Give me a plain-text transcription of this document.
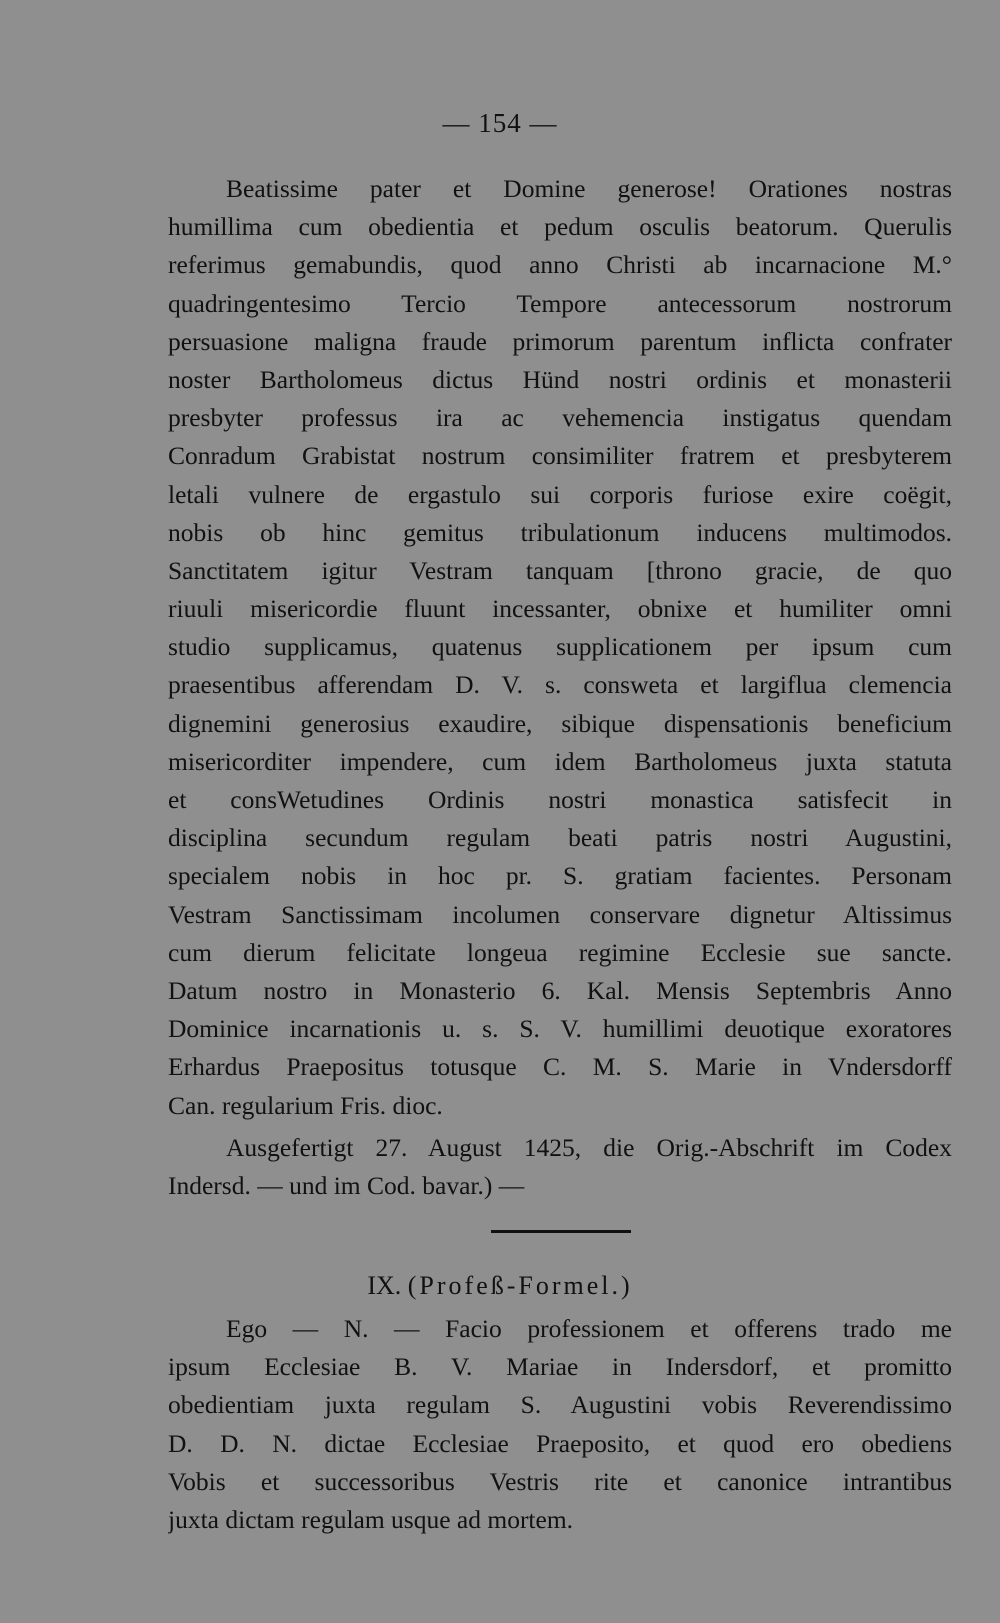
— 154 —
Beatissime pater et Domine generose! Orationes nostras
humillima cum obedientia et pedum osculis beatorum. Querulis
referimus gemabundis, quod anno Christi ab incarnacione M.°
quadringentesimo Tercio Tempore antecessorum nostrorum
persuasione maligna fraude primorum parentum inflicta confrater
noster Bartholomeus dictus Hünd nostri ordinis et monasterii
presbyter professus ira ac vehemencia instigatus quendam
Conradum Grabistat nostrum consimiliter fratrem et presbyterem
letali vulnere de ergastulo sui corporis furiose exire coëgit,
nobis ob hinc gemitus tribulationum inducens multimodos.
Sanctitatem igitur Vestram tanquam [throno gracie, de quo
riuuli misericordie fluunt incessanter, obnixe et humiliter omni
studio supplicamus, quatenus supplicationem per ipsum cum
praesentibus afferendam D. V. s. consweta et largiflua clemencia
dignemini generosius exaudire, sibique dispensationis beneficium
misericorditer impendere, cum idem Bartholomeus juxta statuta
et consWetudines Ordinis nostri monastica satisfecit in
disciplina secundum regulam beati patris nostri Augustini,
specialem nobis in hoc pr. S. gratiam facientes. Personam
Vestram Sanctissimam incolumen conservare dignetur Altissimus
cum dierum felicitate longeua regimine Ecclesie sue sancte.
Datum nostro in Monasterio 6. Kal. Mensis Septembris Anno
Dominice incarnationis u. s. S. V. humillimi deuotique exoratores
Erhardus Praepositus totusque C. M. S. Marie in Vndersdorff
Can. regularium Fris. dioc.
Ausgefertigt 27. August 1425, die Orig.-Abschrift im Codex
Indersd. — und im Cod. bavar.) —
IX. (Profeß-Formel.)
Ego — N. — Facio professionem et offerens trado me
ipsum Ecclesiae B. V. Mariae in Indersdorf, et promitto
obedientiam juxta regulam S. Augustini vobis Reverendissimo
D. D. N. dictae Ecclesiae Praeposito, et quod ero obediens
Vobis et successoribus Vestris rite et canonice intrantibus
juxta dictam regulam usque ad mortem.
